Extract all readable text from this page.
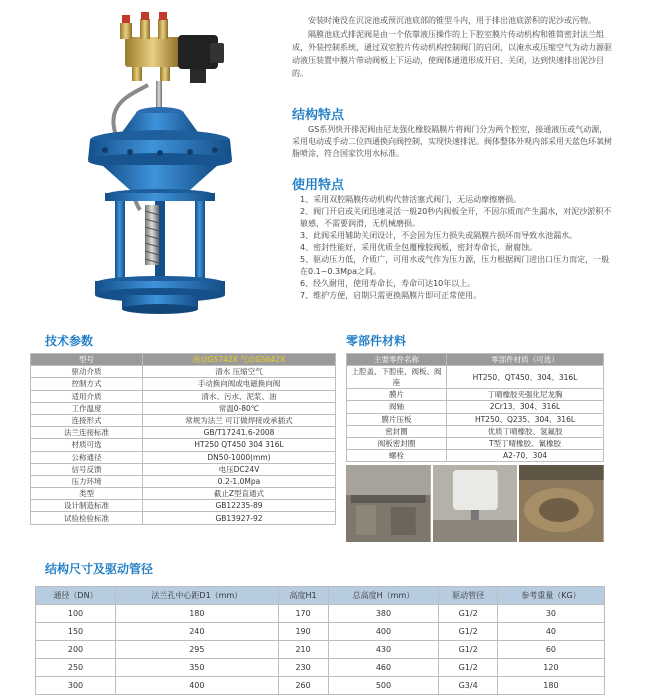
安装时淹没在沉淀池或预沉池底部的锥型斗内，用于排出池底淤积的泥沙或污物。

隔膜池底式排泥阀是由一个依靠液压操作的上下腔室膜片传动机构和锥简密封法兰组成，外装控制系统，通过双室腔片传动机构控制阀门的启闭，以淹水或压缩空气为动力源驱动液压装置中膜片带动阀板上下运动，使阀体通道形成开启、关闭，达到快速排出泥沙目的。

结构特点
GS系列快开排泥阀由尼龙强化橡胶隔膜片将阀门分为两个腔室，接通液压或气动源，采用电动或手动二位四通换向阀控制，实现快速排泥。阀体整体外观内部采用天蓝色环氧树脂喷涂，符合国家饮用水标准。
使用特点
1、采用双腔隔膜传动机构代替活塞式阀门，无运动摩擦磨损。
2、阀门开启或关闭迅速灵活一般20秒内阀板全开，不因尔质而产生漏水，对泥沙淤积不敏感，不需要润滑，无机械磨损。
3、此阀采用辅助关闭设计，不会因为压力损失或隔膜片损坏而导致水池漏水。
4、密封性能好，采用优质全包覆橡胶阀板，密封寿命长，耐腐蚀。
5、驱动压力低，介质广，可用水或气作为压力源，压力根据阀门进出口压力而定，一般在0.1~0.3Mpa之间。
6、经久耐用，使用寿命长，寿命可达10年以上。
7、维护方便，启期只需更换隔膜片即可正常使用。
技术参数
型号	液动GS742X 气动GS642X
驱动介质	清水 压缩空气
控制方式	手动换向阀或电磁换向阀
适用介质	清水、污水、泥浆、油
工作温度	常温0-80℃
连接形式	常规为法兰 可订做焊接或承插式
法兰连接标准	GB/T17241.6-2008
材质可选	HT250 QT450 304 316L
公称通径	DN50-1000(mm)
信号反馈	电压DC24V
压力环境	0.2-1.0Mpa
类型	截止Z型直通式
设计制造标准	GB12235-89
试验检验标准	GB13927-92
零部件材料
主要零件名称	零部件材质（可选）
上腔盖、下腔座、阀板、阀座	HT250、QT450、304、316L
膜片	丁晴橡胶夹强化尼龙胸
阀轴	2Cr13、304、316L
膜片压板	HT250、Q235、304、316L
密封圈	优质丁晴橡胶、氢氟胶
阀板密封圈	T型丁晴橡胶、氰橡胶
螺栓	A2-70、304
结构尺寸及驱动管径
通径（DN）	法兰孔中心距D1（mm）	高度H1	总高度H（mm）	驱动管径	参考重量（KG）
100	180	170	380	G1/2	30
150	240	190	400	G1/2	40
200	295	210	430	G1/2	60
250	350	230	460	G1/2	120
300	400	260	500	G3/4	180
